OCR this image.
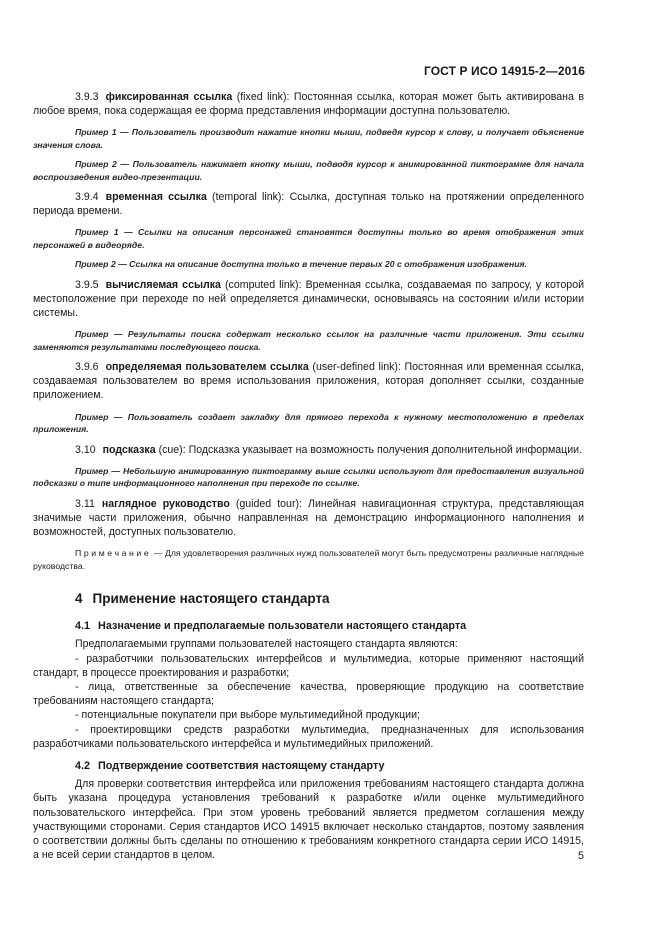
ГОСТ Р ИСО 14915-2—2016

3.9.3 фиксированная ссылка (fixed link): Постоянная ссылка, которая может быть активирована в любое время, пока содержащая ее форма представления информации доступна пользователю.

Пример 1 — Пользователь производит нажатие кнопки мыши, подведя курсор к слову, и получает объяснение значения слова.

Пример 2 — Пользователь нажимает кнопку мыши, подводя курсор к анимированной пиктограмме для начала воспроизведения видео-презентации.

3.9.4 временная ссылка (temporal link): Ссылка, доступная только на протяжении определенного периода времени.

Пример 1 — Ссылки на описания персонажей становятся доступны только во время отображения этих персонажей в видеоряде.

Пример 2 — Ссылка на описание доступна только в течение первых 20 с отображения изображения.

3.9.5 вычисляемая ссылка (computed link): Временная ссылка, создаваемая по запросу, у которой местоположение при переходе по ней определяется динамически, основываясь на состоянии и/или истории системы.

Пример — Результаты поиска содержат несколько ссылок на различные части приложения. Эти ссылки заменяются результатами последующего поиска.

3.9.6 определяемая пользователем ссылка (user-defined link): Постоянная или временная ссылка, создаваемая пользователем во время использования приложения, которая дополняет ссылки, созданные приложением.

Пример — Пользователь создает закладку для прямого перехода к нужному местоположению в пределах приложения.

3.10 подсказка (cue): Подсказка указывает на возможность получения дополнительной информации.

Пример — Небольшую анимированную пиктограмму выше ссылки используют для предоставления визуальной подсказки о типе информационного наполнения при переходе по ссылке.

3.11 наглядное руководство (guided tour): Линейная навигационная структура, представляющая значимые части приложения, обычно направленная на демонстрацию информационного наполнения и возможностей, доступных пользователю.

Примечание — Для удовлетворения различных нужд пользователей могут быть предусмотрены различные наглядные руководства.

4 Применение настоящего стандарта

4.1 Назначение и предполагаемые пользователи настоящего стандарта

Предполагаемыми группами пользователей настоящего стандарта являются:

- разработчики пользовательских интерфейсов и мультимедиа, которые применяют настоящий стандарт, в процессе проектирования и разработки;

- лица, ответственные за обеспечение качества, проверяющие продукцию на соответствие требованиям настоящего стандарта;

- потенциальные покупатели при выборе мультимедийной продукции;

- проектировщики средств разработки мультимедиа, предназначенных для использования разработчиками пользовательского интерфейса и мультимедийных приложений.

4.2 Подтверждение соответствия настоящему стандарту

Для проверки соответствия интерфейса или приложения требованиям настоящего стандарта должна быть указана процедура установления требований к разработке и/или оценке мультимедийного пользовательского интерфейса. При этом уровень требований является предметом соглашения между участвующими сторонами. Серия стандартов ИСО 14915 включает несколько стандартов, поэтому заявления о соответствии должны быть сделаны по отношению к требованиям конкретного стандарта серии ИСО 14915, а не всей серии стандартов в целом.	5
